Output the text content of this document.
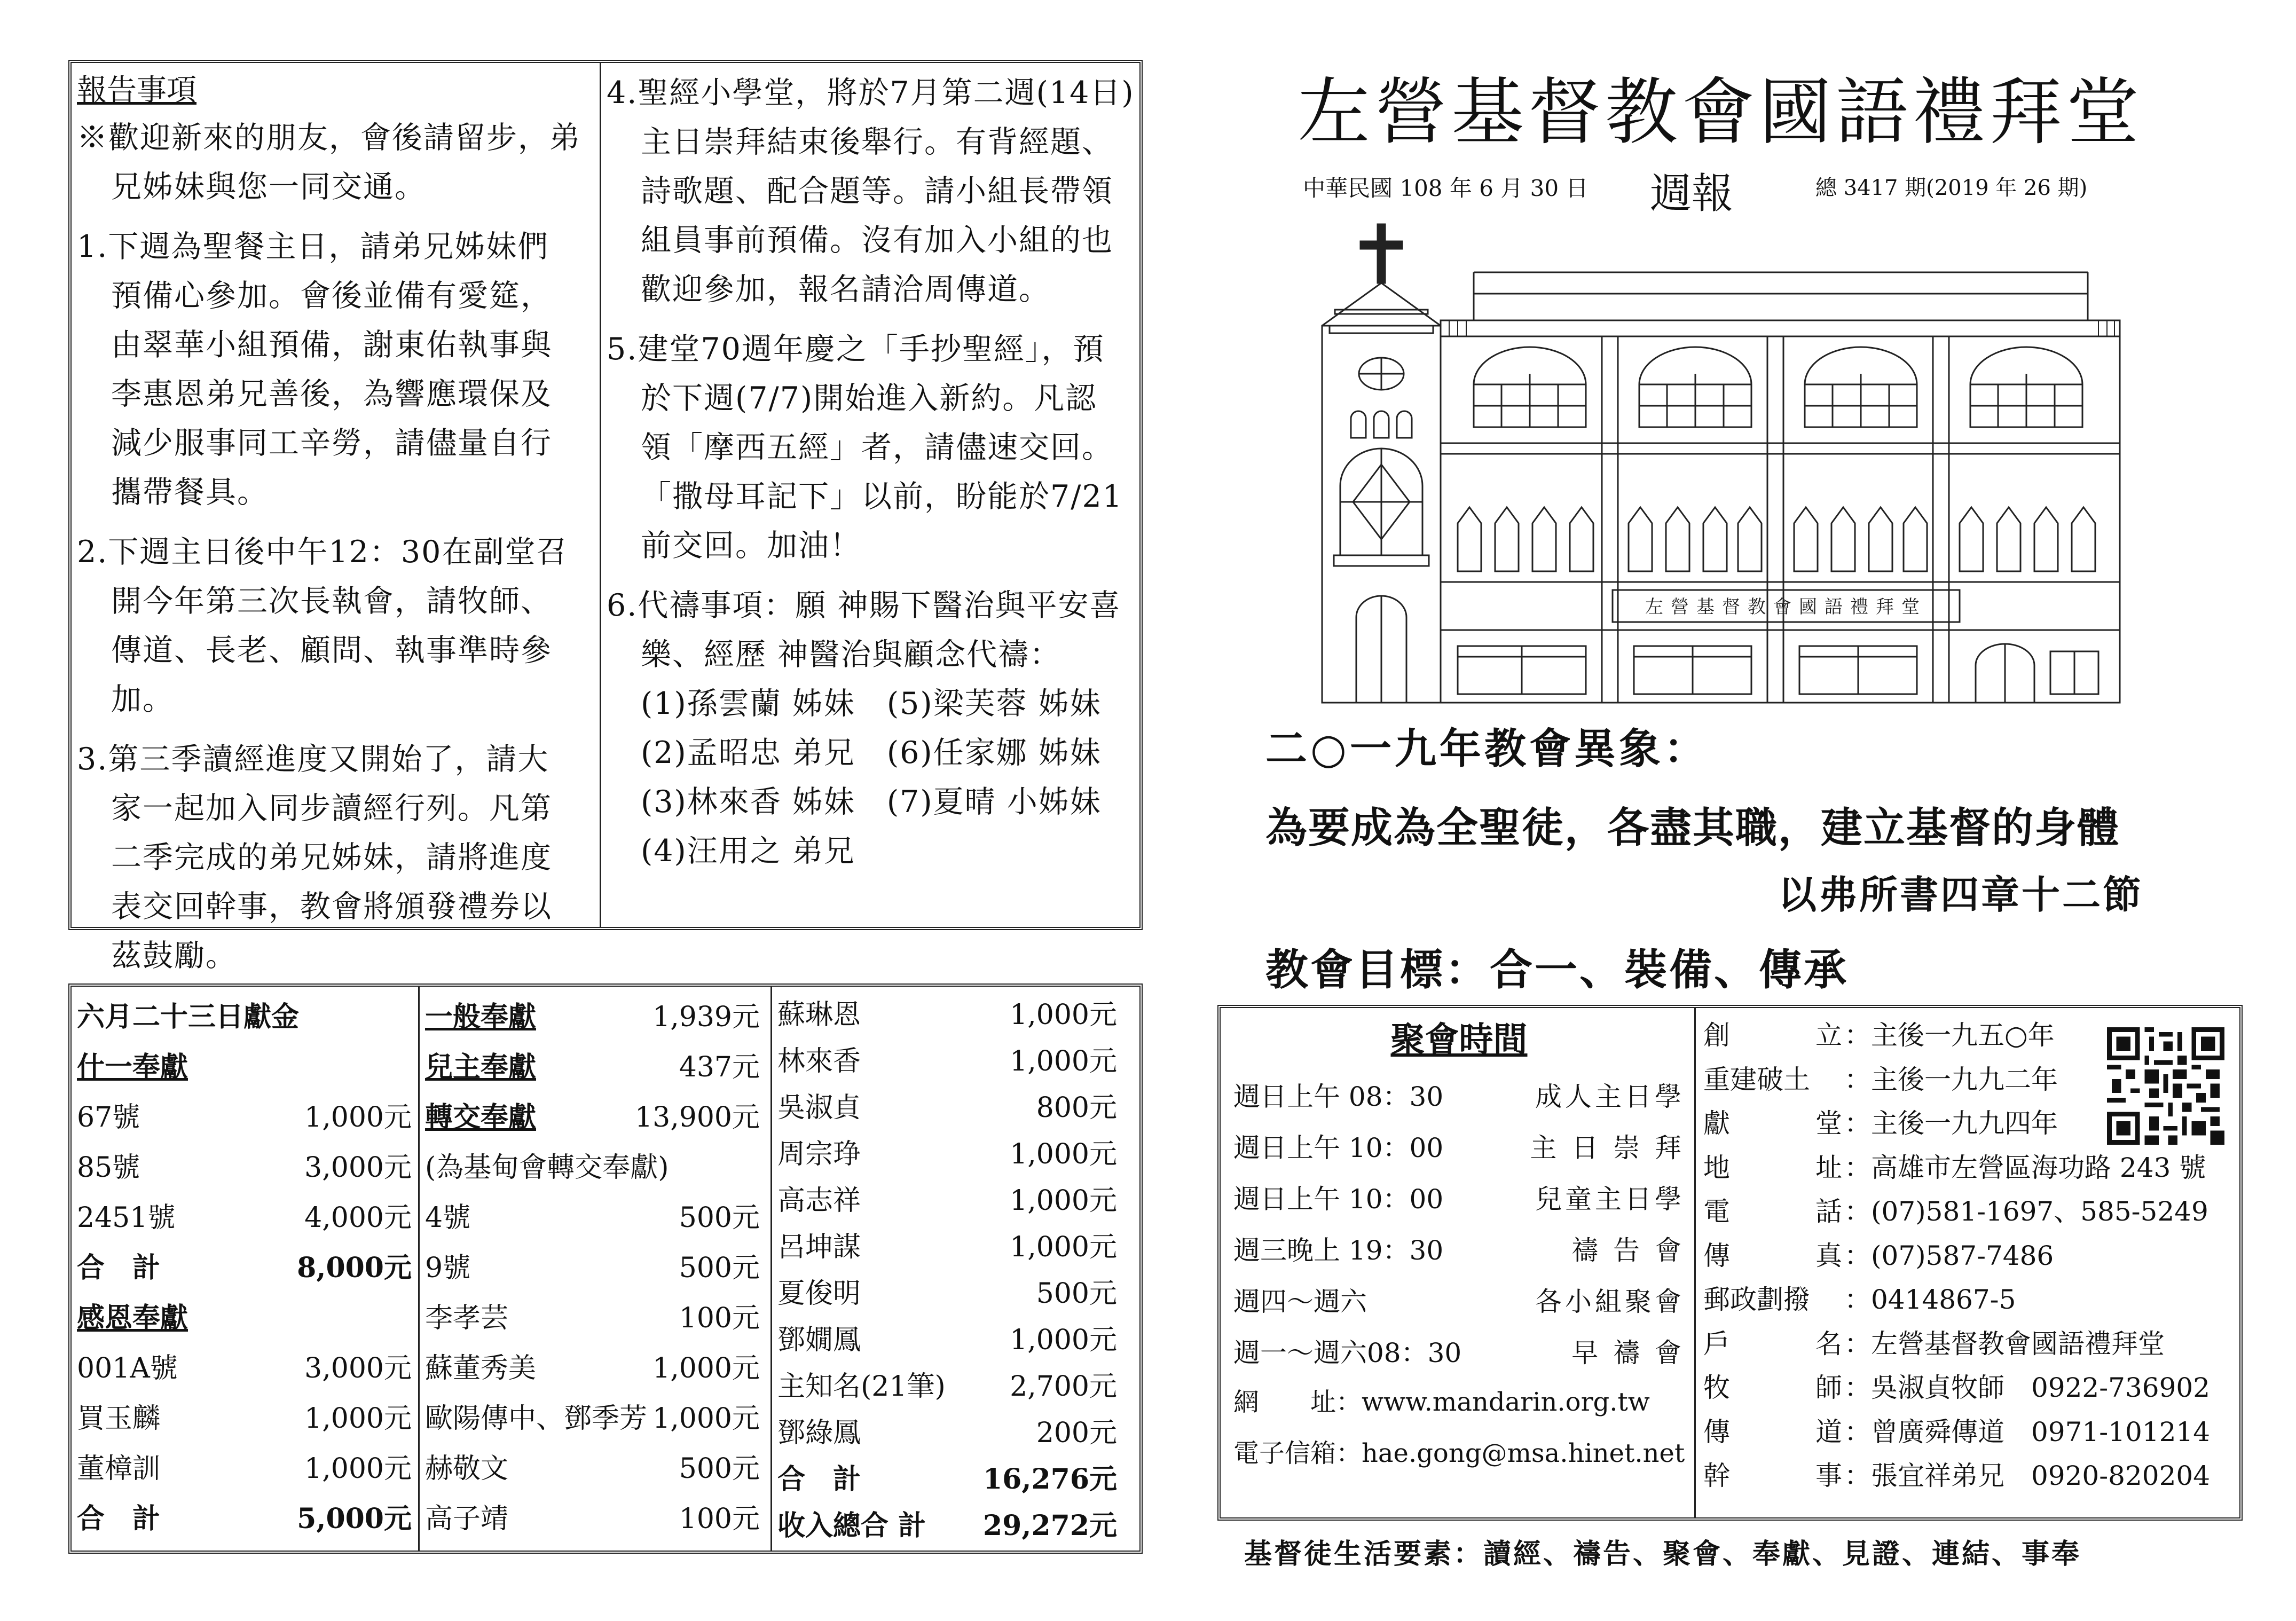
報告事項
※歡迎新來的朋友，會後請留步，弟
兄姊妹與您一同交通。
1.下週為聖餐主日，請弟兄姊妹們
預備心參加。會後並備有愛筵，
由翠華小組預備，謝東佑執事與
李惠恩弟兄善後，為響應環保及
減少服事同工辛勞，請儘量自行
攜帶餐具。
2.下週主日後中午12：30在副堂召
開今年第三次長執會，請牧師、
傳道、長老、顧問、執事準時參
加。
3.第三季讀經進度又開始了，請大
家一起加入同步讀經行列。凡第
二季完成的弟兄姊妹，請將進度
表交回幹事，教會將頒發禮券以
茲鼓勵。
4.聖經小學堂，將於7月第二週(14日)
主日崇拜結束後舉行。有背經題、
詩歌題、配合題等。請小組長帶領
組員事前預備。沒有加入小組的也
歡迎參加，報名請洽周傳道。
5.建堂70週年慶之「手抄聖經」，預
於下週(7/7)開始進入新約。凡認
領「摩西五經」者，請儘速交回。
「撒母耳記下」以前，盼能於7/21
前交回。加油！
6.代禱事項：願 神賜下醫治與平安喜
樂、經歷 神醫治與顧念代禱：
(1)孫雲蘭 姊妹　(5)梁芙蓉 姊妹
(2)孟昭忠 弟兄　(6)任家娜 姊妹
(3)林來香 姊妹　(7)夏晴 小姊妹
(4)汪用之 弟兄
左營基督教會國語禮拜堂
中華民國 108 年 6 月 30 日 週報	總 3417 期(2019 年 26 期)
左營基督教會國語禮拜堂
二○一九年教會異象：
為要成為全聖徒，各盡其職，建立基督的身體
以弗所書四章十二節
教會目標：合一、裝備、傳承
六月二十三日獻金
什一奉獻
67號	1,000元
85號	3,000元
2451號	4,000元
合　計	8,000元
感恩奉獻
001A號	3,000元
買玉麟	1,000元
董樟訓	1,000元
合　計	5,000元
一般奉獻	1,939元
兒主奉獻	437元
轉交奉獻	13,900元
(為基甸會轉交奉獻)
4號	500元
9號	500元
李孝芸	100元
蘇董秀美	1,000元
歐陽傳中、鄧季芳 1,000元
赫敬文	500元
高子靖	100元
蘇琳恩	1,000元
林來香	1,000元
吳淑貞	800元
周宗琤	1,000元
高志祥	1,000元
呂坤謀	1,000元
夏俊明	500元
鄧嫺鳳	1,000元
主知名(21筆) 2,700元
鄧綠鳳	200元
合　計	16,276元
收入總合 計 29,272元
聚會時間
週日上午 08：30	成人主日學
週日上午 10：00	主 日 崇 拜
週日上午 10：00	兒童主日學
週三晚上 19：30	禱 告 會
週四～週六	各小組聚會
週一～週六08：30	早 禱 會
網　　址：www.mandarin.org.tw
電子信箱：hae.gong@msa.hinet.net
創	立 ：主後一九五○年
重建破土 ：主後一九九二年
獻	堂 ：主後一九九四年
地	址 ：高雄市左營區海功路 243 號
電	話 ：(07)581-1697、585-5249
傳	真 ：(07)587-7486
郵政劃撥 ：0414867-5
戶	名 ：左營基督教會國語禮拜堂
牧	師 ：吳淑貞牧師　0922-736902
傳	道 ：曾廣舜傳道　0971-101214
幹	事 ：張宜祥弟兄　0920-820204
基督徒生活要素：讀經、禱告、聚會、奉獻、見證、連結、事奉
